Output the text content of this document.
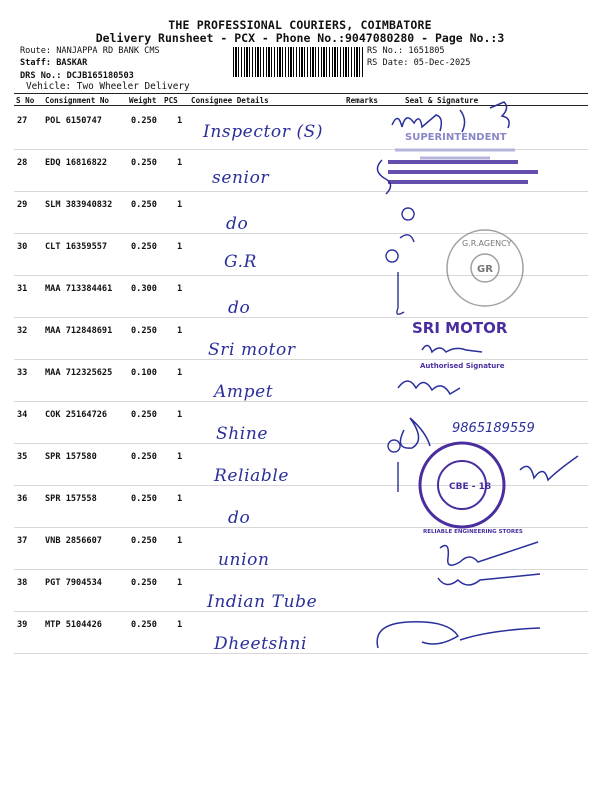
THE PROFESSIONAL COURIERS, COIMBATORE
Delivery Runsheet - PCX - Phone No.:9047080280 - Page No.:3
Route: NANJAPPA RD BANK CMS
Staff: BASKAR
DRS No.: DCJB165180503
Vehicle: Two Wheeler Delivery
RS No.: 1651805
RS Date: 05-Dec-2025
S No Consignment No	Weight PCS Consignee Details	Remarks	Seal & Signature
27 POL 6150747	0.250 1
Inspector (S)
28 EDQ 16816822	0.250 1
senior
29 SLM 383940832 0.250 1
do
30 CLT 16359557	0.250 1
G.R
31 MAA 713384461 0.300 1
do
32 MAA 712848691 0.250 1
Sri motor
33 MAA 712325625 0.100 1
Ampet
34 COK 25164726	0.250 1
Shine
35 SPR 157580	0.250 1
Reliable
36 SPR 157558	0.250 1
do
37 VNB 2856607	0.250 1
union
38 PGT 7904534	0.250 1
Indian Tube
39 MTP 5104426	0.250 1
Dheetshni
SUPERINTENDENT
G.R.AGENCY
GR
SRI MOTOR
Authorised Signature
9865189559
CBE - 18
RELIABLE ENGINEERING STORES
